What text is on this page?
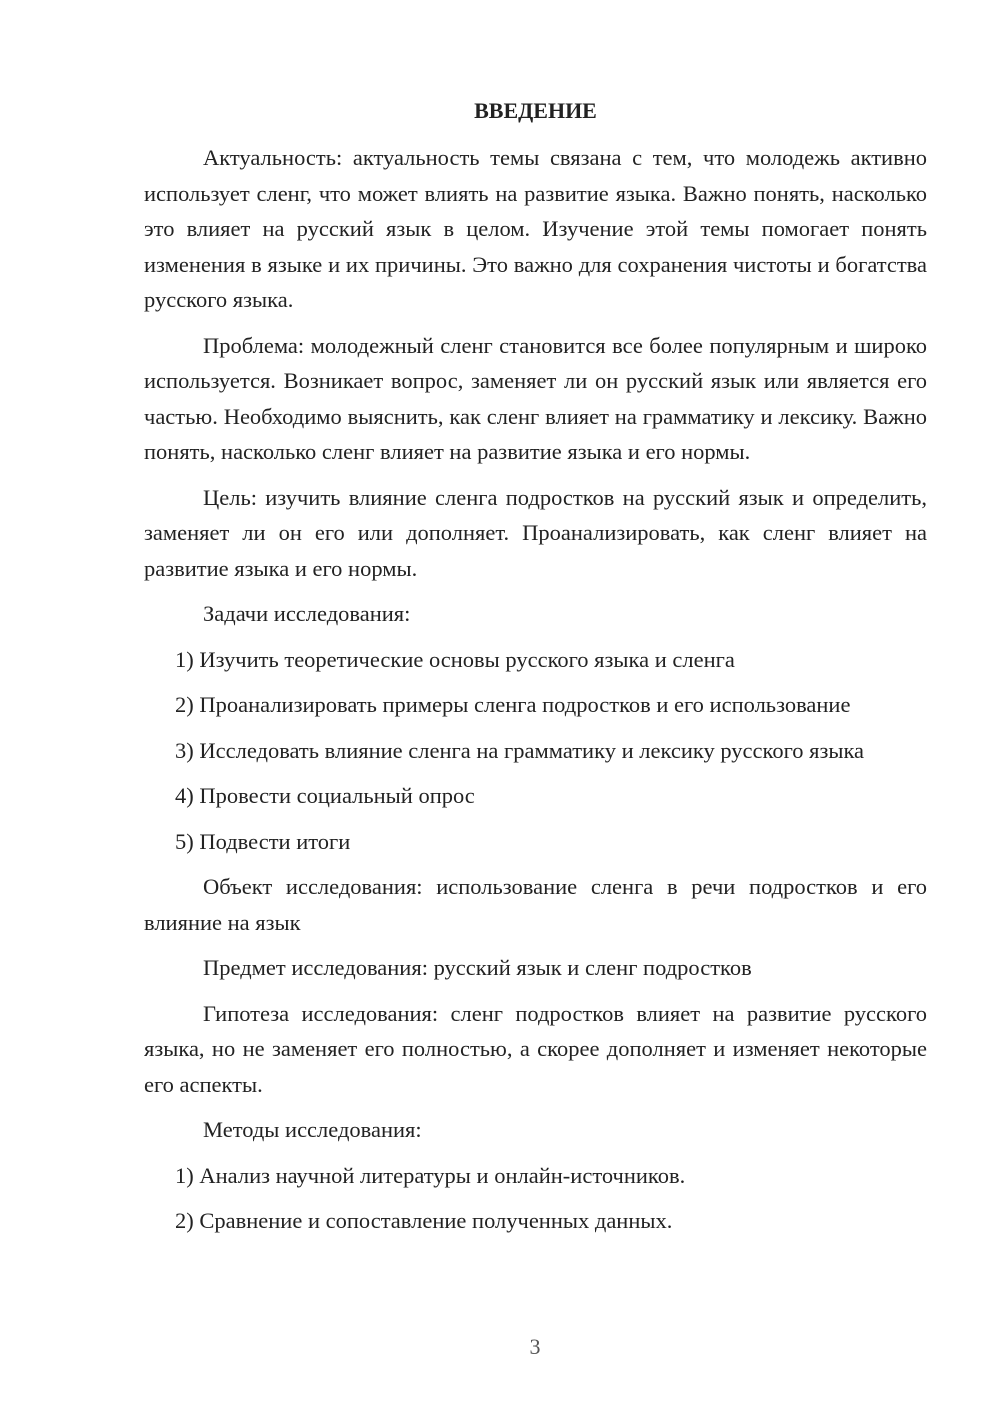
ВВЕДЕНИЕ

Актуальность: актуальность темы связана с тем, что молодежь активно использует сленг, что может влиять на развитие языка. Важно понять, насколько это влияет на русский язык в целом. Изучение этой темы помогает понять изменения в языке и их причины. Это важно для сохранения чистоты и богатства русского языка.

Проблема: молодежный сленг становится все более популярным и широко используется. Возникает вопрос, заменяет ли он русский язык или является его частью. Необходимо выяснить, как сленг влияет на грамматику и лексику. Важно понять, насколько сленг влияет на развитие языка и его нормы.

Цель: изучить влияние сленга подростков на русский язык и определить, заменяет ли он его или дополняет. Проанализировать, как сленг влияет на развитие языка и его нормы.

Задачи исследования:

1) Изучить теоретические основы русского языка и сленга

2) Проанализировать примеры сленга подростков и его использование

3) Исследовать влияние сленга на грамматику и лексику русского языка

4) Провести социальный опрос

5) Подвести итоги

Объект исследования: использование сленга в речи подростков и его влияние на язык

Предмет исследования: русский язык и сленг подростков

Гипотеза исследования: сленг подростков влияет на развитие русского языка, но не заменяет его полностью, а скорее дополняет и изменяет некоторые его аспекты.

Методы исследования:

1) Анализ научной литературы и онлайн-источников.

2) Сравнение и сопоставление полученных данных.

3
